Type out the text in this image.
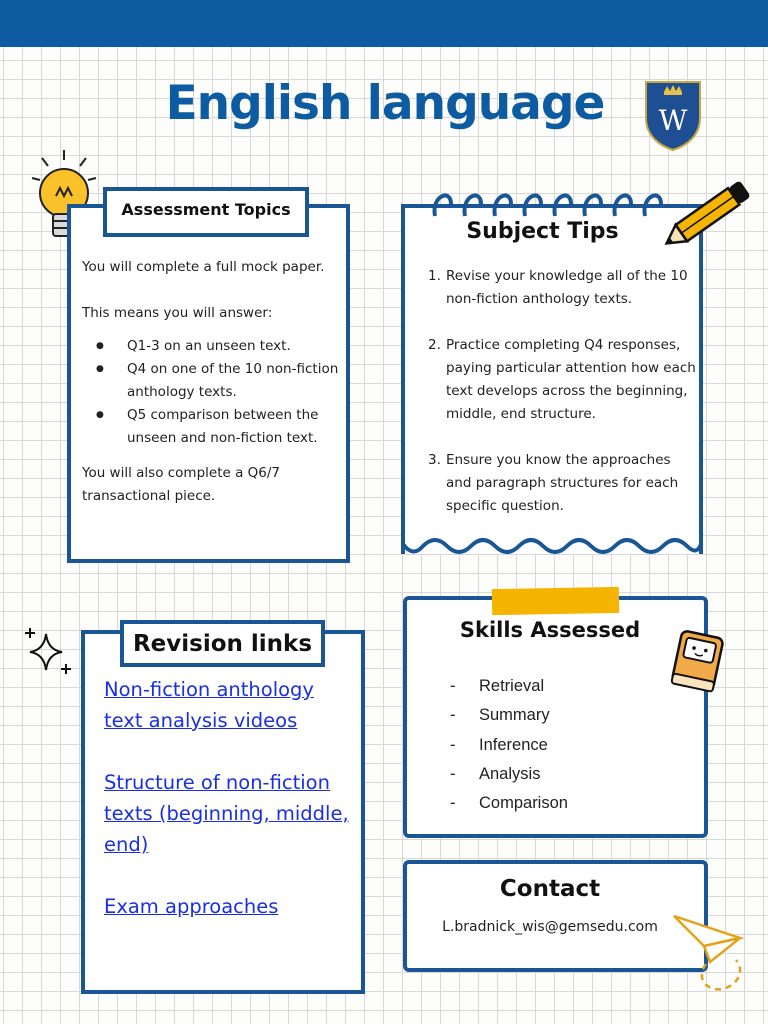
English language	W
Assessment Topics

You will complete a full mock paper.

This means you will answer:

● Q1-3 on an unseen text.
● Q4 on one of the 10 non-fiction anthology texts.
● Q5 comparison between the unseen and non-fiction text.

You will also complete a Q6/7 transactional piece.

Subject Tips
1. Revise your knowledge all of the 10 non-fiction anthology texts.
2. Practice completing Q4 responses, paying particular attention how each text develops across the beginning, middle, end structure.
3. Ensure you know the approaches and paragraph structures for each specific question.
Revision links
Non-fiction anthology text analysis videos
Structure of non-fiction texts (beginning, middle, end)
Exam approaches
Skills Assessed
- Retrieval
- Summary
- Inference
- Analysis
- Comparison
Contact
L.bradnick_wis@gemsedu.com
